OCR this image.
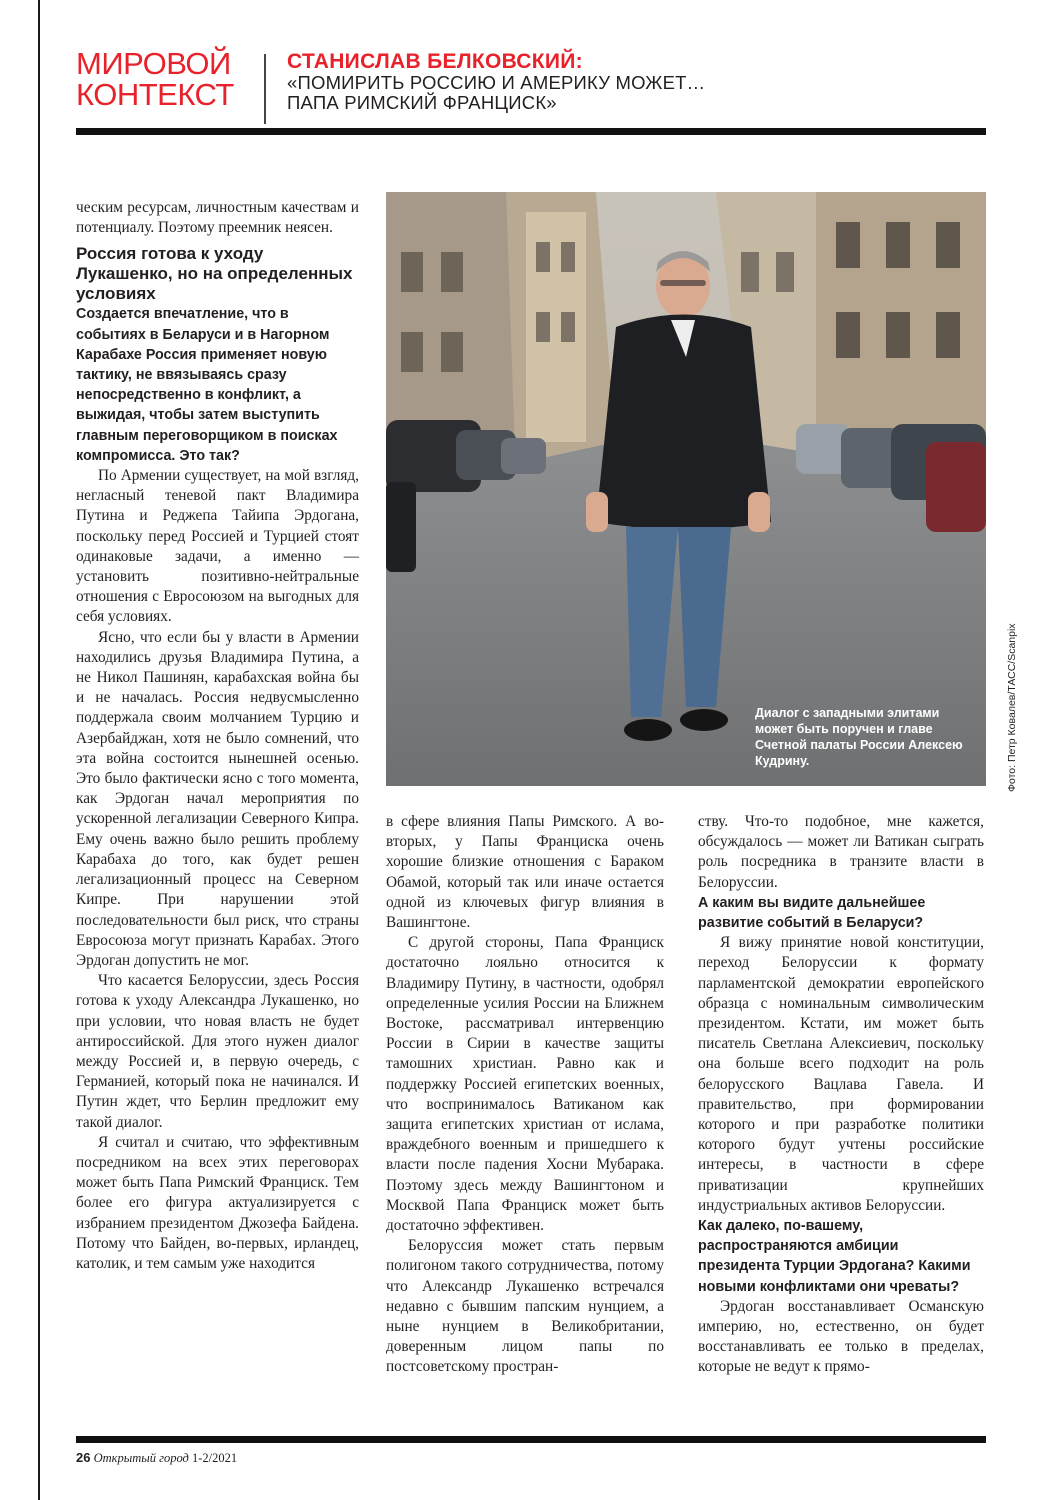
МИРОВОЙ
КОНТЕКСТ
СТАНИСЛАВ БЕЛКОВСКИЙ:
«ПОМИРИТЬ РОССИЮ И АМЕРИКУ МОЖЕТ… ПАПА РИМСКИЙ ФРАНЦИСК»

ческим ресурсам, личностным качествам и потенциалу. Поэтому преемник неясен.

Россия готова к уходу Лукашенко, но на определенных условиях

Создается впечатление, что в событиях в Беларуси и в Нагорном Карабахе Россия применяет новую тактику, не ввязываясь сразу непосредственно в конфликт, а выжидая, чтобы затем выступить главным переговорщиком в поисках компромисса. Это так?

По Армении существует, на мой взгляд, негласный теневой пакт Владимира Путина и Реджепа Тайипа Эрдогана, поскольку перед Россией и Турцией стоят одинаковые задачи, а именно — установить позитивно-нейтральные отношения с Евросоюзом на выгодных для себя условиях.

Ясно, что если бы у власти в Армении находились друзья Владимира Путина, а не Никол Пашинян, карабахская война бы и не началась. Россия недвусмысленно поддержала своим молчанием Турцию и Азербайджан, хотя не было сомнений, что эта война состоится нынешней осенью. Это было фактически ясно с того момента, как Эрдоган начал мероприятия по ускоренной легализации Северного Кипра. Ему очень важно было решить проблему Карабаха до того, как будет решен легализационный процесс на Северном Кипре. При нарушении этой последовательности был риск, что страны Евросоюза могут признать Карабах. Этого Эрдоган допустить не мог.

Что касается Белоруссии, здесь Россия готова к уходу Александра Лукашенко, но при условии, что новая власть не будет антироссийской. Для этого нужен диалог между Россией и, в первую очередь, с Германией, который пока не начинался. И Путин ждет, что Берлин предложит ему такой диалог.

Я считал и считаю, что эффективным посредником на всех этих переговорах может быть Папа Римский Франциск. Тем более его фигура актуализируется с избранием президентом Джозефа Байдена. Потому что Байден, во-первых, ирландец, католик, и тем самым уже находится

Диалог с западными элитами может быть поручен и главе Счетной палаты России Алексею Кудрину.	Фото: Петр Ковалев/ТАСС/Scanpix

в сфере влияния Папы Римского. А во-вторых, у Папы Франциска очень хорошие близкие отношения с Бараком Обамой, который так или иначе остается одной из ключевых фигур влияния в Вашингтоне.

С другой стороны, Папа Франциск достаточно лояльно относится к Владимиру Путину, в частности, одобрял определенные усилия России на Ближнем Востоке, рассматривал интервенцию России в Сирии в качестве защиты тамошних христиан. Равно как и поддержку Россией египетских военных, что воспринималось Ватиканом как защита египетских христиан от ислама, враждебного военным и пришедшего к власти после падения Хосни Мубарака. Поэтому здесь между Вашингтоном и Москвой Папа Франциск может быть достаточно эффективен.

Белоруссия может стать первым полигоном такого сотрудничества, потому что Александр Лукашенко встречался недавно с бывшим папским нунцием, а ныне нунцием в Великобритании, доверенным лицом папы по постсоветскому простран-

ству. Что-то подобное, мне кажется, обсуждалось — может ли Ватикан сыграть роль посредника в транзите власти в Белоруссии.

А каким вы видите дальнейшее развитие событий в Беларуси?

Я вижу принятие новой конституции, переход Белоруссии к формату парламентской демократии европейского образца с номинальным символическим президентом. Кстати, им может быть писатель Светлана Алексиевич, поскольку она больше всего подходит на роль белорусского Вацлава Гавела. И правительство, при формировании которого и при разработке политики которого будут учтены российские интересы, в частности в сфере приватизации крупнейших индустриальных активов Белоруссии.

Как далеко, по-вашему, распространяются амбиции президента Турции Эрдогана? Какими новыми конфликтами они чреваты?

Эрдоган восстанавливает Османскую империю, но, естественно, он будет восстанавливать ее только в пределах, которые не ведут к прямо-

26 Открытый город 1-2/2021
